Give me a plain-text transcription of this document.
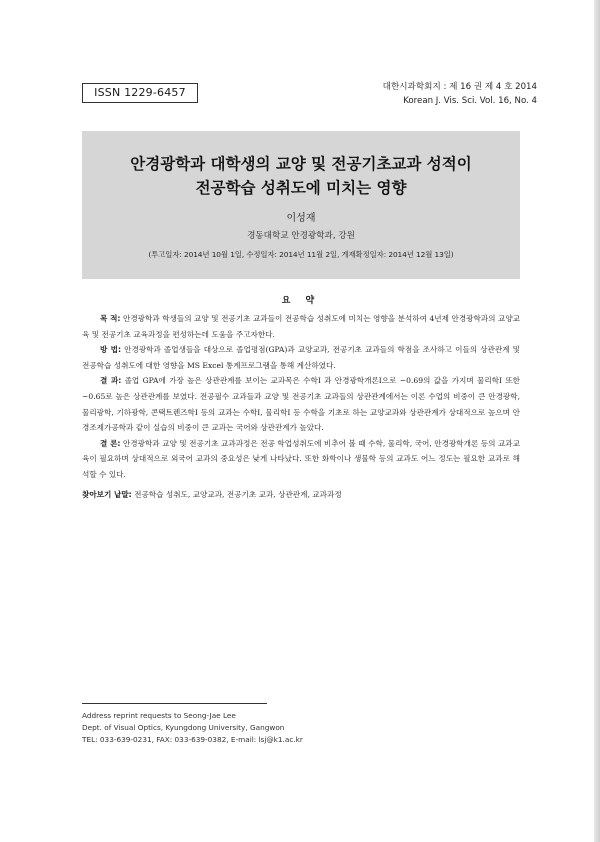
ISSN 1229-6457	대한시과학회지 : 제 16 권 제 4 호 2014
Korean J. Vis. Sci. Vol. 16, No. 4
안경광학과 대학생의 교양 및 전공기초교과 성적이
전공학습 성취도에 미치는 영향
이성재
경동대학교 안경광학과, 강원
(투고일자: 2014년 10월 1일, 수정일자: 2014년 11월 2일, 게재확정일자: 2014년 12월 13일)
요 약

목 적: 안경광학과 학생들의 교양 및 전공기초 교과들이 전공학습 성취도에 미치는 영향을 분석하여 4년제 안경광학과의 교양교육 및 전공기초 교육과정을 편성하는데 도움을 주고자한다.

방 법: 안경광학과 졸업생들을 대상으로 졸업평점(GPA)과 교양교과, 전공기초 교과들의 학점을 조사하고 이들의 상관관계 및 전공학습 성취도에 대한 영향을 MS Excel 통계프로그램을 통해 계산하였다.

결 과: 졸업 GPA에 가장 높은 상관관계를 보이는 교과목은 수학I 과 안경광학개론I으로 ~0.69의 값을 가지며 물리학I 또한 ~0.65로 높은 상관관계를 보였다. 전공필수 교과들과 교양 및 전공기초 교과들의 상관관계에서는 이론 수업의 비중이 큰 안경광학, 물리광학, 기하광학, 콘택트렌즈학I 등의 교과는 수학I, 물리학I 등 수학을 기초로 하는 교양교과와 상관관계가 상대적으로 높으며 안경조제가공학과 같이 실습의 비중이 큰 교과는 국어와 상관관계가 높았다.

결 론: 안경광학과 교양 및 전공기초 교과과정은 전공 학업성취도에 비추어 볼 때 수학, 물리학, 국어, 안경광학개론 등의 교과교육이 필요하며 상대적으로 외국어 교과의 중요성은 낮게 나타났다. 또한 화학이나 생물학 등의 교과도 어느 정도는 필요한 교과로 해석할 수 있다.

찾아보기 낱말: 전공학습 성취도, 교양교과, 전공기초 교과, 상관관계, 교과과정
Address reprint requests to Seong-Jae Lee
Dept. of Visual Optics, Kyungdong University, Gangwon
TEL: 033-639-0231, FAX: 033-639-0382, E-mail: lsj@k1.ac.kr
